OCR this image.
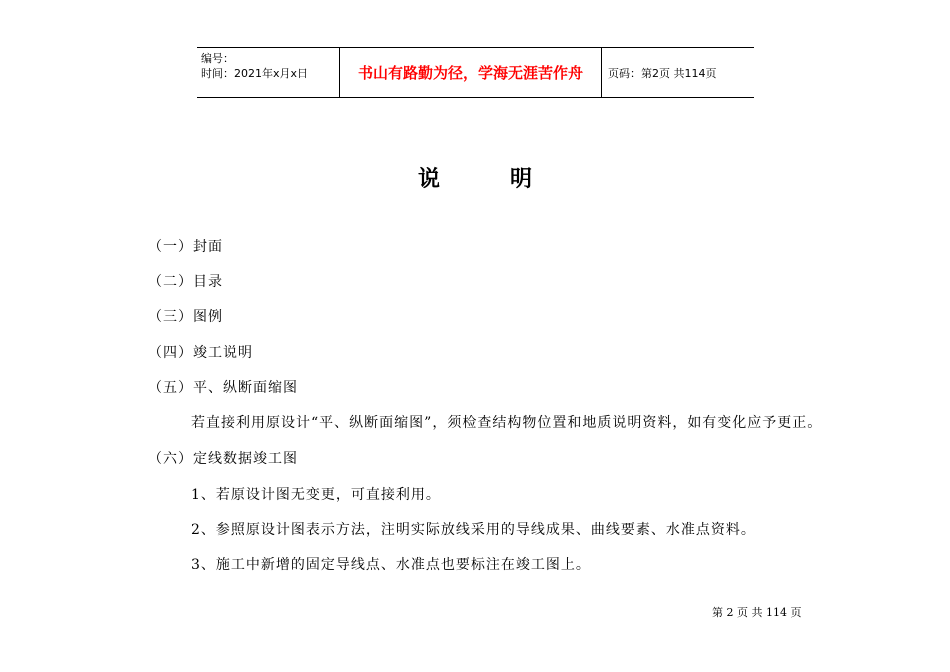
编号：
时间：2021年x月x日	书山有路勤为径，学海无涯苦作舟	页码：第2页 共114页
说	明
（一）封面
（二）目录
（三）图例
（四）竣工说明
（五）平、纵断面缩图
若直接利用原设计“平、纵断面缩图”，须检查结构物位置和地质说明资料，如有变化应予更正。
（六）定线数据竣工图
1、若原设计图无变更，可直接利用。
2、参照原设计图表示方法，注明实际放线采用的导线成果、曲线要素、水准点资料。
3、施工中新增的固定导线点、水准点也要标注在竣工图上。
第 2 页 共 114 页
